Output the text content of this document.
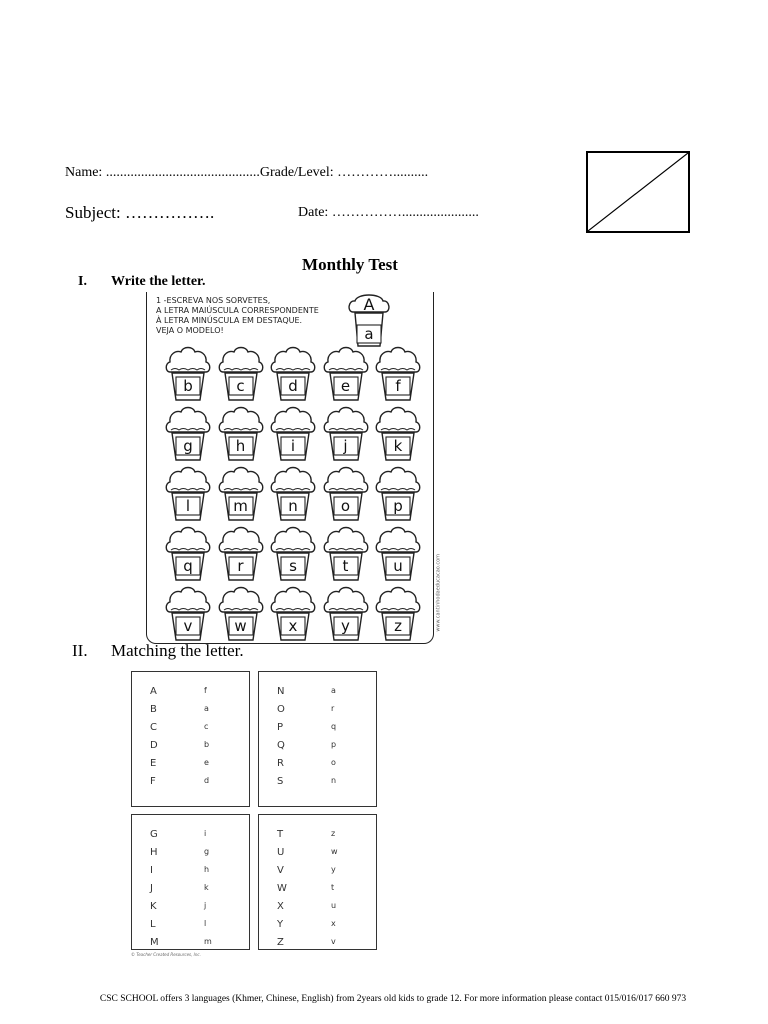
Name: ............................................Grade/Level: …………..........
Subject: …………….	Date: ……………......................
Monthly Test
I. Write the letter.
1 -ESCREVA NOS SORVETES,
A LETRA MAIÚSCULA CORRESPONDENTE
À LETRA MINÚSCULA EM DESTAQUE.
VEJA O MODELO!
www.cantinhodaeducacao.com
A
a
b	c	d	e	f
g	h	i	j	k
l	m	n	o	p
q	r	s	t	u
v	w	x	y	z
II. Matching the letter.
A	f
B	a
C	c
D	b
E	e
F	d
N	a
O	r
P	q
Q	p
R	o
S	n
G	i
H	g
I	h
J	k
K	j
L	l
M	m
T	z
U	w
V	y
W	t
X	u
Y	x
Z	v
© Teacher Created Resources, Inc.
CSC SCHOOL offers 3 languages (Khmer, Chinese, English) from 2years old kids to grade 12. For more information please contact 015/016/017 660 973
